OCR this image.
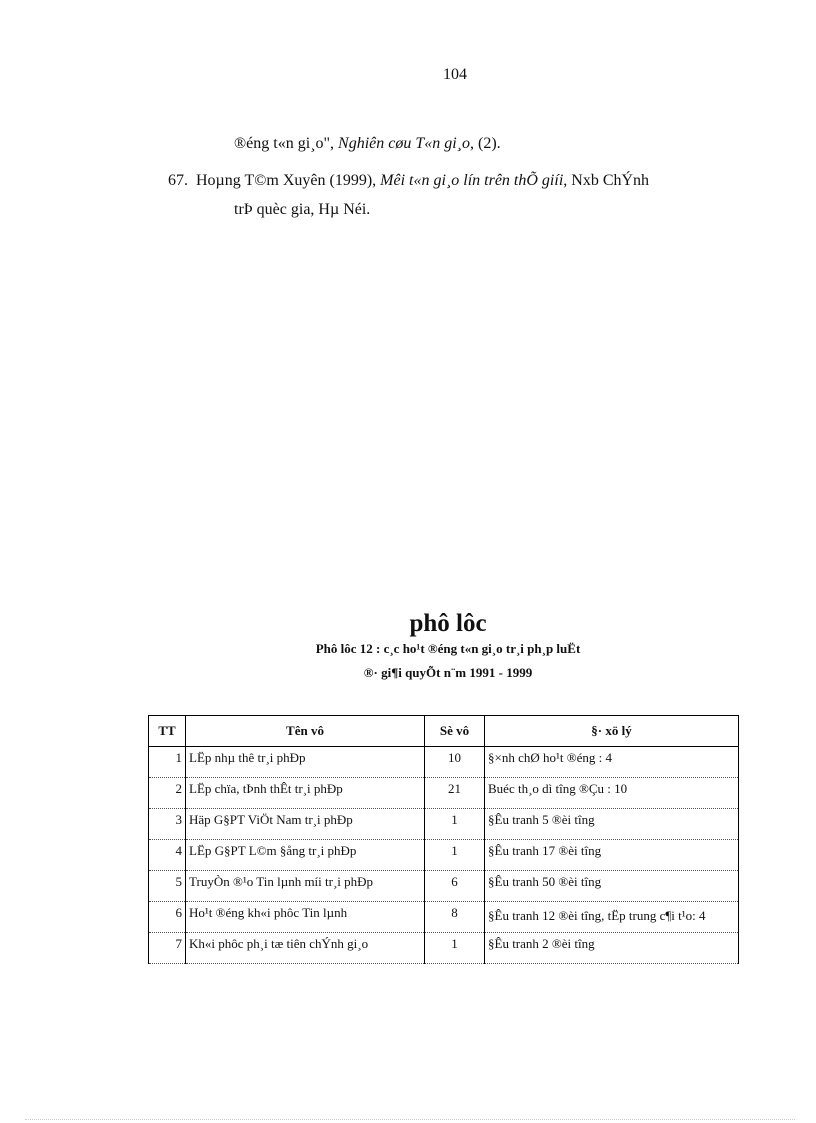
104
®éng t«n gi¸o", Nghiên cøu T«n gi¸o, (2).
67. Hoµng T©m Xuyên (1999), Mêi t«n gi¸o lín trên thÕ giíi, Nxb ChÝnh
trÞ quèc gia, Hµ Néi.
phô lôc
Phô lôc 12 : c¸c ho¹t ®éng t«n gi¸o tr¸i ph¸p luËt
®· gi¶i quyÕt n¨m 1991 - 1999
TT	Tên vô	Sè vô	§· xö lý
1	LËp nhµ thê tr¸i phÐp	10	§×nh chØ ho¹t ®éng : 4
2	LËp chïa, tÞnh thÊt tr¸i phÐp	21	Buéc th¸o dì tîng ®Çu : 10
3	Häp G§PT ViÖt Nam tr¸i phÐp	1	§Êu tranh 5 ®èi tîng
4	LËp G§PT L©m §ång tr¸i phÐp	1	§Êu tranh 17 ®èi tîng
5	TruyÒn ®¹o Tin lµnh míi tr¸i phÐp	6	§Êu tranh 50 ®èi tîng
6	Ho¹t ®éng kh«i phôc Tin lµnh	8	§Êu tranh 12 ®èi tîng, tËp trung c¶i t¹o: 4
7	Kh«i phôc ph¸i tæ tiên chÝnh gi¸o	1	§Êu tranh 2 ®èi tîng
